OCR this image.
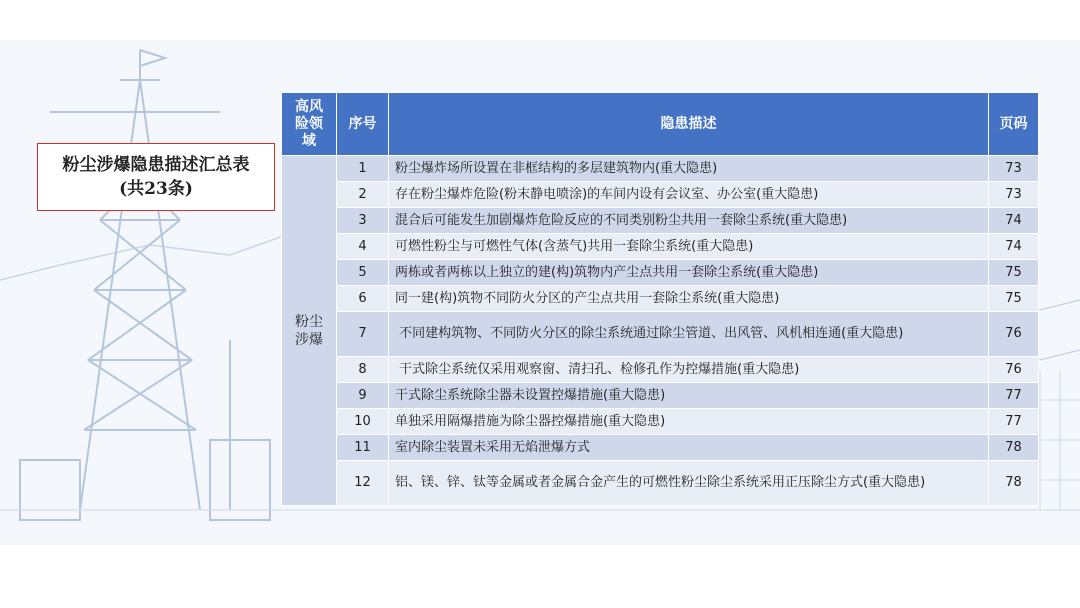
粉尘涉爆隐患描述汇总表
(共23条)
高风险领域	序号	隐患描述	页码
粉尘涉爆	1	粉尘爆炸场所设置在非框结构的多层建筑物内(重大隐患)	73
	2	存在粉尘爆炸危险(粉末静电喷涂)的车间内设有会议室、办公室(重大隐患)	73
	3	混合后可能发生加剧爆炸危险反应的不同类别粉尘共用一套除尘系统(重大隐患)	74
	4	可燃性粉尘与可燃性气体(含蒸气)共用一套除尘系统(重大隐患)	74
	5	两栋或者两栋以上独立的建(构)筑物内产尘点共用一套除尘系统(重大隐患)	75
	6	同一建(构)筑物不同防火分区的产尘点共用一套除尘系统(重大隐患)	75
	7	不同建构筑物、不同防火分区的除尘系统通过除尘管道、出风管、风机相连通(重大隐患)	76
	8	干式除尘系统仅采用观察窗、清扫孔、检修孔作为控爆措施(重大隐患)	76
	9	干式除尘系统除尘器未设置控爆措施(重大隐患)	77
	10	单独采用隔爆措施为除尘器控爆措施(重大隐患)	77
	11	室内除尘装置未采用无焰泄爆方式	78
	12	铝、镁、锌、钛等金属或者金属合金产生的可燃性粉尘除尘系统采用正压除尘方式(重大隐患)	78
